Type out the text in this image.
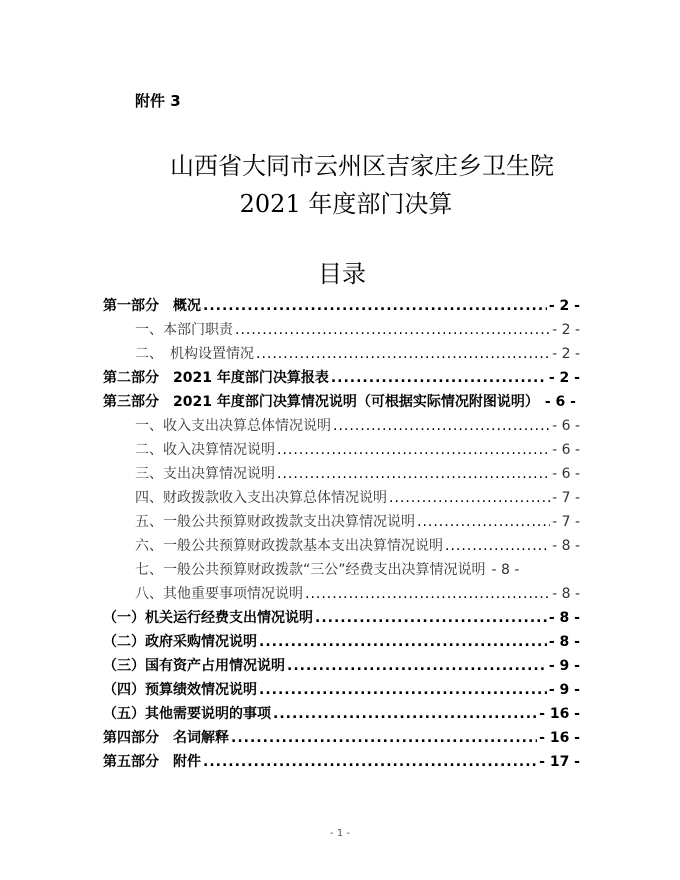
附件 3
山西省大同市云州区吉家庄乡卫生院
2021 年度部门决算
目录
第一部分　概况 .....	- 2 -
一、本部门职责 .....	- 2 -
二、　机构设置情况 .....	- 2 -
第二部分　2021 年度部门决算报表 .....	- 2 -
第三部分　2021 年度部门决算情况说明（可根据实际情况附图说明） - 6 -
一、收入支出决算总体情况说明 .....	- 6 -
二、收入决算情况说明 .....	- 6 -
三、支出决算情况说明 .....	- 6 -
四、财政拨款收入支出决算总体情况说明 .....	- 7 -
五、一般公共预算财政拨款支出决算情况说明 .....	- 7 -
六、一般公共预算财政拨款基本支出决算情况说明 .....	- 8 -
七、一般公共预算财政拨款“三公”经费支出决算情况说明 - 8 -
八、其他重要事项情况说明 .....	- 8 -
（一）机关运行经费支出情况说明 .....	- 8 -
（二）政府采购情况说明 .....	- 8 -
（三）国有资产占用情况说明 .....	- 9 -
（四）预算绩效情况说明 .....	- 9 -
（五）其他需要说明的事项 .....	- 16 -
第四部分　名词解释 .....	- 16 -
第五部分　附件 .....	- 17 -
- 1 -
